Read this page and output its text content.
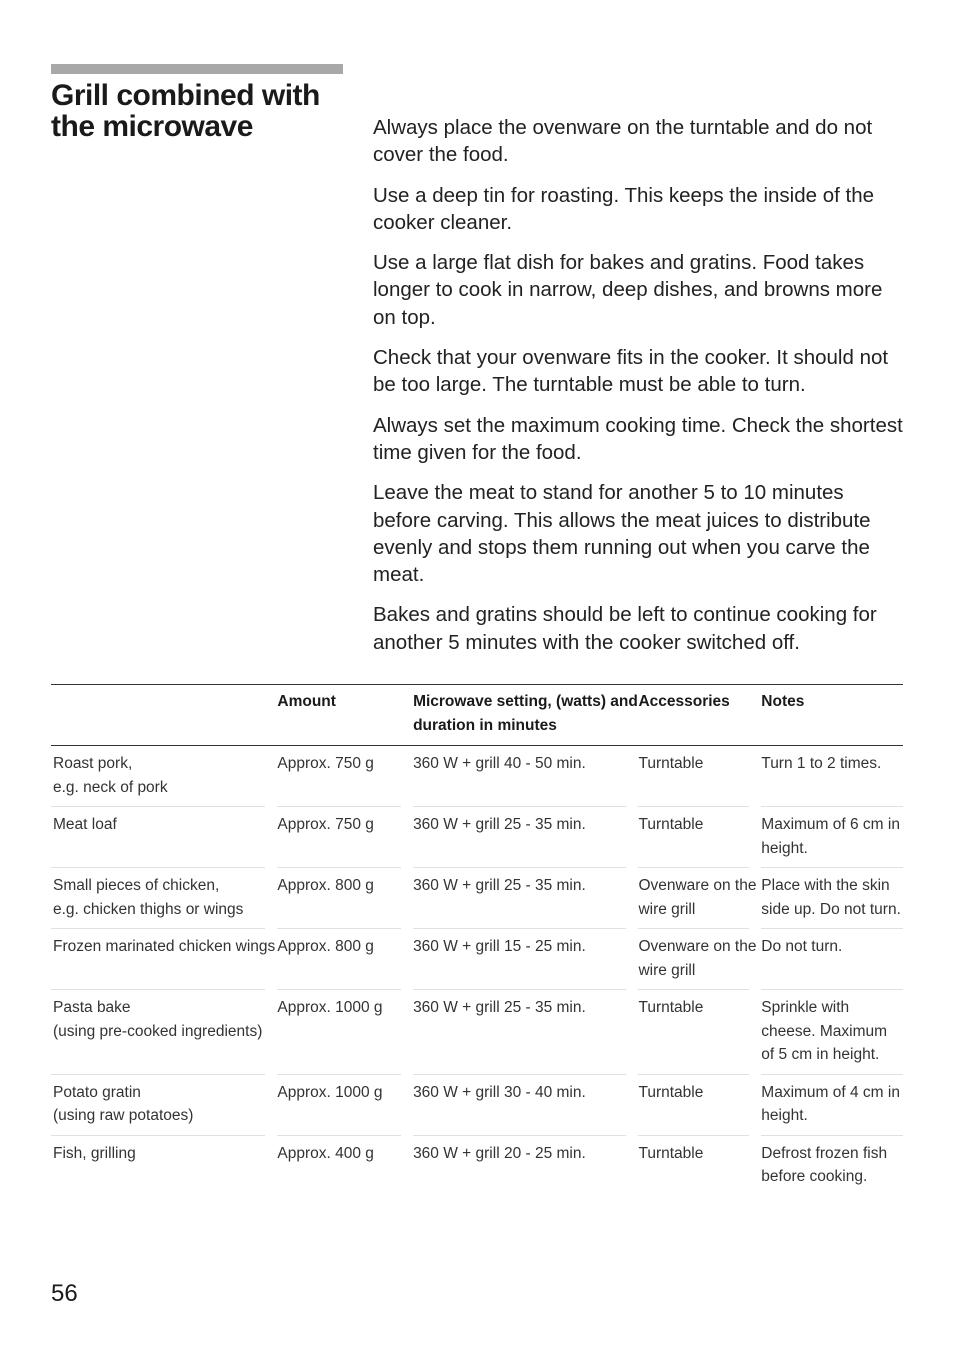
Grill combined with the microwave	Always place the ovenware on the turntable and do not cover the food.

Use a deep tin for roasting. This keeps the inside of the cooker cleaner.

Use a large flat dish for bakes and gratins. Food takes longer to cook in narrow, deep dishes, and browns more on top.

Check that your ovenware fits in the cooker. It should not be too large. The turntable must be able to turn.

Always set the maximum cooking time. Check the shortest time given for the food.

Leave the meat to stand for another 5 to 10 minutes before carving. This allows the meat juices to distribute evenly and stops them running out when you carve the meat.

Bakes and gratins should be left to continue cooking for another 5 minutes with the cooker switched off.

	Amount	Microwave setting, (watts) and duration in minutes	Accessories	Notes
Roast pork,
e.g. neck of pork	Approx. 750 g	360 W + grill 40 - 50 min.	Turntable	Turn 1 to 2 times.

Meat loaf	Approx. 750 g	360 W + grill 25 - 35 min.	Turntable	Maximum of 6 cm in height.

Small pieces of chicken,
e.g. chicken thighs or wings	Approx. 800 g	360 W + grill 25 - 35 min.	Ovenware on the wire grill	Place with the skin side up. Do not turn.

Frozen marinated chicken wings	Approx. 800 g	360 W + grill 15 - 25 min.	Ovenware on the wire grill	Do not turn.

Pasta bake
(using pre-cooked ingredients)	Approx. 1000 g	360 W + grill 25 - 35 min.	Turntable	Sprinkle with cheese. Maximum of 5 cm in height.

Potato gratin
(using raw potatoes)	Approx. 1000 g	360 W + grill 30 - 40 min.	Turntable	Maximum of 4 cm in height.

Fish, grilling	Approx. 400 g	360 W + grill 20 - 25 min.	Turntable	Defrost frozen fish before cooking.
56
